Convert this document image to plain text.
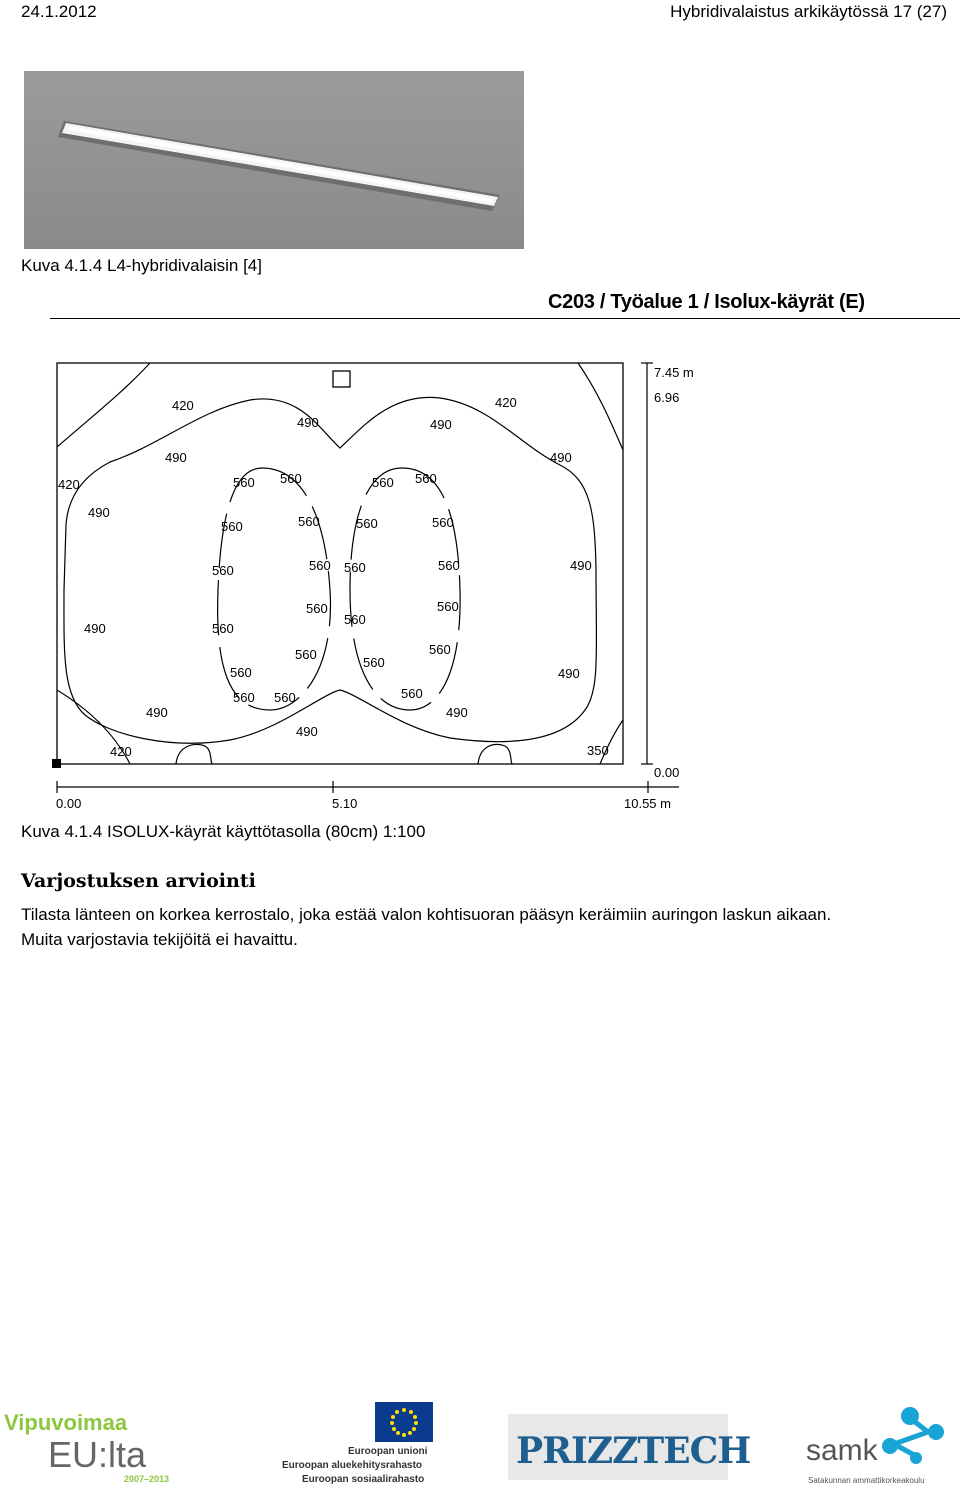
24.1.2012	Hybridivalaistus arkikäytössä 17 (27)
Kuva 4.1.4 L4-hybridivalaisin [4]
C203 / Työalue 1 / Isolux-käyrät (E)
420	420
420
420	350
490	490
490	490
490
490
490
490
490	490
490
560
560 560	560 560
560	560	560	560
560	560 560	560
560
560
560
560
560
560
560
560
560	560
0.00	5.10	10.55 m
7.45 m
6.96
0.00
Kuva 4.1.4 ISOLUX-käyrät käyttötasolla (80cm) 1:100
Varjostuksen arviointi
Tilasta länteen on korkea kerrostalo, joka estää valon kohtisuoran pääsyn keräimiin auringon laskun aikaan.
Muita varjostavia tekijöitä ei havaittu.
Vipuvoimaa
EU:lta
2007–2013
Euroopan unioni
Euroopan aluekehitysrahasto
Euroopan sosiaalirahasto
PRIZZTECH samk
Satakunnan ammattikorkeakoulu
